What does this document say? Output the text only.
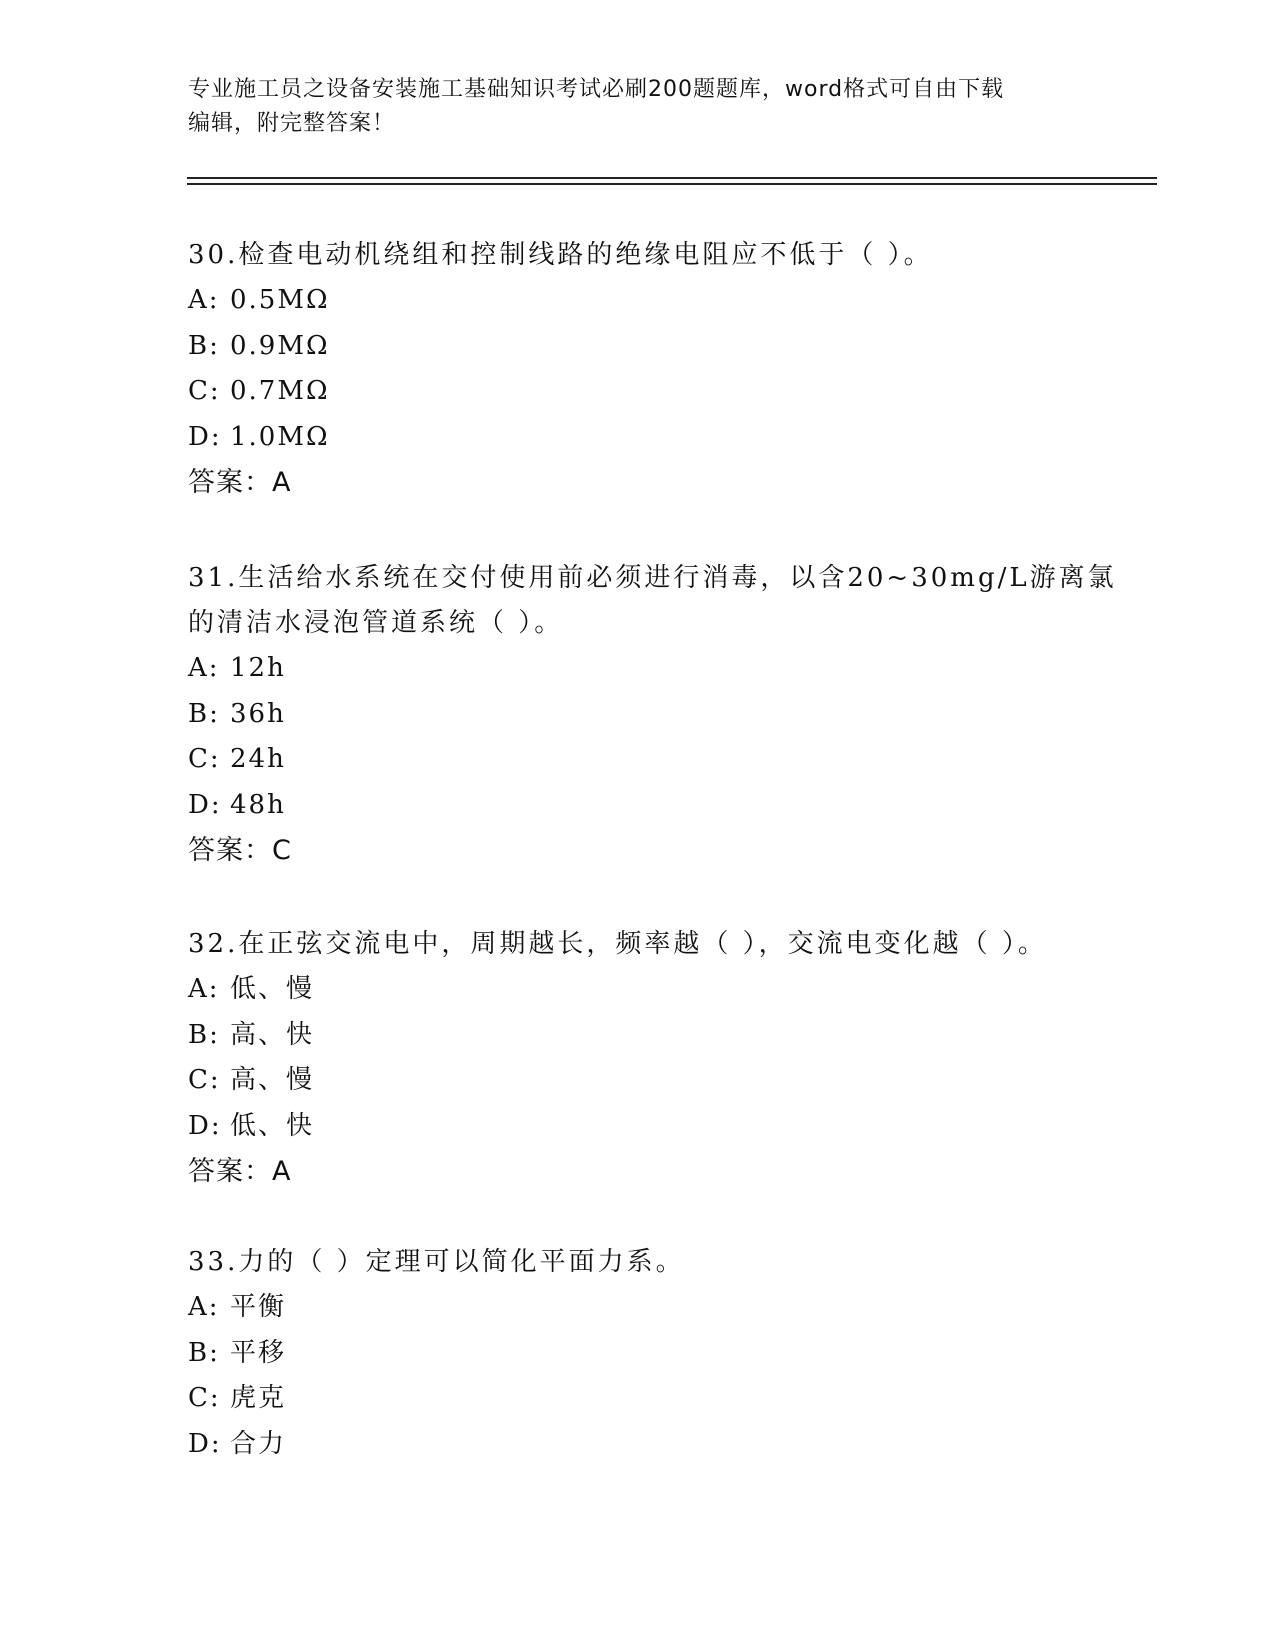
专业施工员之设备安装施工基础知识考试必刷200题题库，word格式可自由下载
编辑，附完整答案！
30.检查电动机绕组和控制线路的绝缘电阻应不低于（ ）。
A: 0.5MΩ
B: 0.9MΩ
C: 0.7MΩ
D: 1.0MΩ
答案：A
31.生活给水系统在交付使用前必须进行消毒，以含20~30mg/L游离氯
的清洁水浸泡管道系统（ ）。
A: 12h
B: 36h
C: 24h
D: 48h
答案：C
32.在正弦交流电中，周期越长，频率越（ ），交流电变化越（ ）。
A: 低、慢
B: 高、快
C: 高、慢
D: 低、快
答案：A
33.力的（ ）定理可以简化平面力系。
A: 平衡
B: 平移
C: 虎克
D: 合力
